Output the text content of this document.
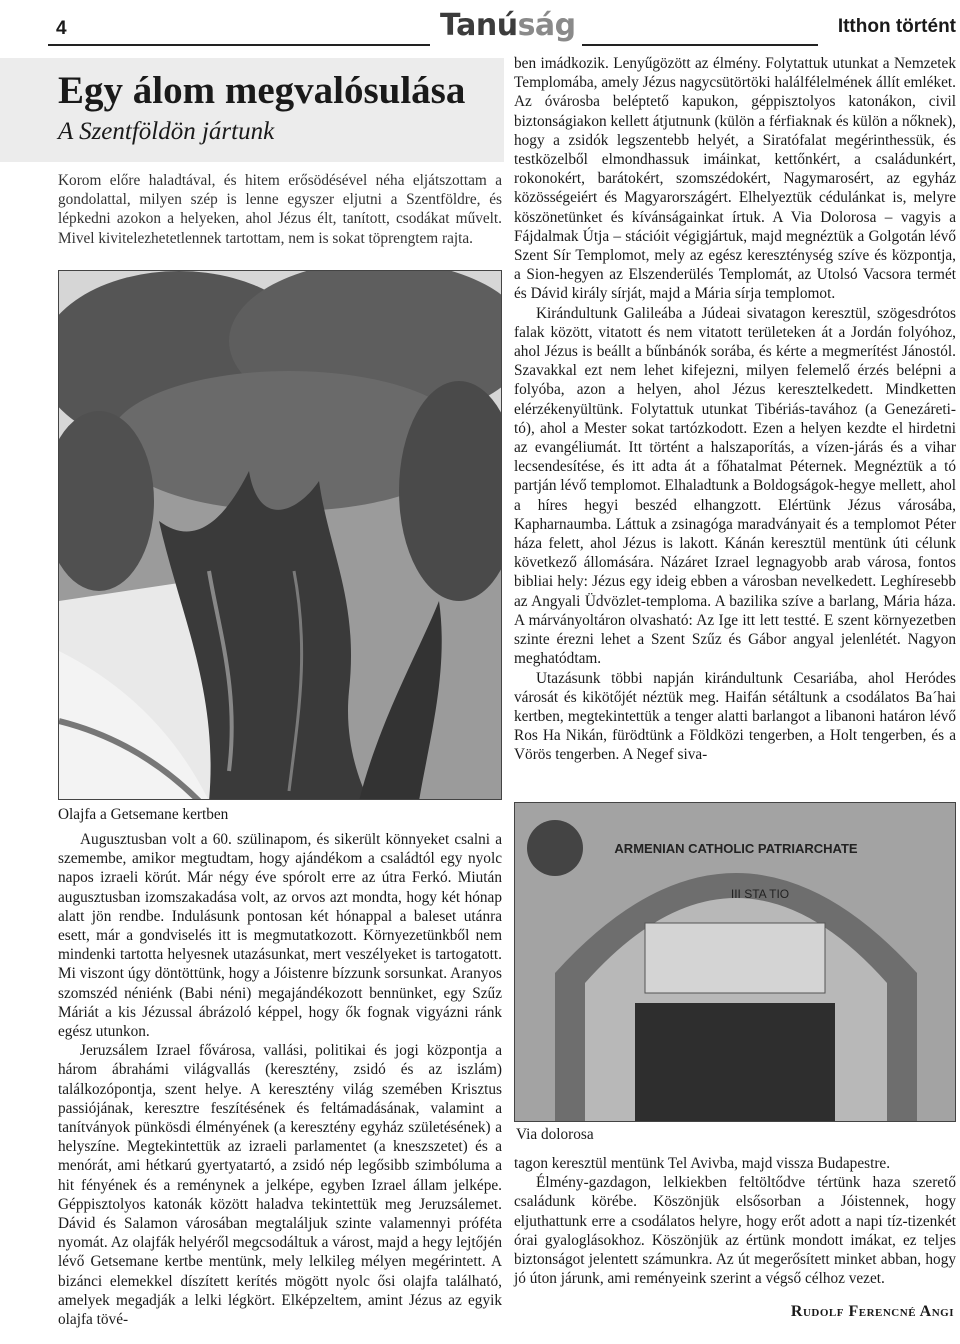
4	Tanúság	Itthon történt
Egy álom megvalósulása
A Szentföldön jártunk

Korom előre haladtával, és hitem erősödésével néha eljátszottam a gondolattal, milyen szép is lenne egyszer eljutni a Szentföldre, és lépkedni azokon a helyeken, ahol Jézus élt, tanított, csodákat művelt. Mivel kivitelezhetetlennek tartottam, nem is sokat töprengtem rajta.

Olajfa a Getsemane kertben

Augusztusban volt a 60. szülinapom, és sikerült könnyeket csalni a szemembe, amikor megtudtam, hogy ajándékom a családtól egy nyolc napos izraeli körút. Már négy éve spórolt erre az útra Ferkó. Miután augusztusban izomszakadása volt, az orvos azt mondta, hogy két hónap alatt jön rendbe. Indulásunk pontosan két hónappal a baleset utánra esett, már a gondviselés itt is megmutatkozott. Környezetünkből nem mindenki tartotta helyesnek utazásunkat, mert veszélyeket is tartogatott. Mi viszont úgy döntöttünk, hogy a Jóistenre bízzunk sorsunkat. Aranyos szomszéd néniénk (Babi néni) megajándékozott bennünket, egy Szűz Máriát a kis Jézussal ábrázoló képpel, hogy ők fognak vigyázni ránk egész utunkon.

Jeruzsálem Izrael fővárosa, vallási, politikai és jogi központja a három ábrahámi világvallás (keresztény, zsidó és az iszlám) találkozópontja, szent helye. A keresztény világ szemében Krisztus passiójának, keresztre feszítésének és feltámadásának, valamint a tanítványok pünkösdi élményének (a keresztény egyház születésének) a helyszíne. Megtekintettük az izraeli parlamentet (a kneszszetet) és a menórát, ami hétkarú gyertyatartó, a zsidó nép legősibb szimbóluma a hit fényének és a reménynek a jelképe, egyben Izrael állam jelképe. Géppisztolyos katonák között haladva tekintettük meg Jeruzsálemet. Dávid és Salamon városában megtaláljuk szinte valamennyi próféta nyomát. Az olajfák helyéről megcsodáltuk a várost, majd a hegy lejtőjén lévő Getsemane kertbe mentünk, mely lelkileg mélyen megérintett. A bizánci elemekkel díszített kerítés mögött nyolc ősi olajfa található, amelyek megadják a lelki légkört. Elképzeltem, amint Jézus az egyik olajfa tövé-

ben imádkozik. Lenyűgözött az élmény. Folytattuk utunkat a Nemzetek Templomába, amely Jézus nagycsütörtöki halálfélelmének állít emléket. Az óvárosba beléptető kapukon, géppisztolyos katonákon, civil biztonságiakon kellett átjutnunk (külön a férfiaknak és külön a nőknek), hogy a zsidók legszentebb helyét, a Siratófalat megérinthessük, és testközelből elmondhassuk imáinkat, kettőnkért, a családunkért, rokonokért, barátokért, szomszédokért, Nagymarosért, az egyház közösségeiért és Magyarországért. Elhelyeztük cédulánkat is, melyre köszönetünket és kívánságainkat írtuk. A Via Dolorosa – vagyis a Fájdalmak Útja – stációit végigjártuk, majd megnéztük a Golgotán lévő Szent Sír Templomot, mely az egész kereszténység szíve és központja, a Sion-hegyen az Elszenderülés Templomát, az Utolsó Vacsora termét és Dávid király sírját, majd a Mária sírja templomot.

Kirándultunk Galileába a Júdeai sivatagon keresztül, szögesdrótos falak között, vitatott és nem vitatott területeken át a Jordán folyóhoz, ahol Jézus is beállt a bűnbánók sorába, és kérte a megmerítést Jánostól. Szavakkal ezt nem lehet kifejezni, milyen felemelő érzés belépni a folyóba, azon a helyen, ahol Jézus keresztelkedett. Mindketten elérzékenyültünk. Folytattuk utunkat Tibériás-tavához (a Genezáreti-tó), ahol a Mester sokat tartózkodott. Ezen a helyen kezdte el hirdetni az evangéliumát. Itt történt a halszaporítás, a vízen-járás és a vihar lecsendesítése, és itt adta át a főhatalmat Péternek. Megnéztük a tó partján lévő templomot. Elhaladtunk a Boldogságok-hegye mellett, ahol a híres hegyi beszéd elhangzott. Elértünk Jézus városába, Kapharnaumba. Láttuk a zsinagóga maradványait és a templomot Péter háza felett, ahol Jézus is lakott. Kánán keresztül mentünk úti célunk következő állomására. Názáret Izrael legnagyobb arab városa, fontos bibliai hely: Jézus egy ideig ebben a városban nevelkedett. Leghíresebb az Angyali Üdvözlet-temploma. A bazilika szíve a barlang, Mária háza. A márványoltáron olvasható: Az Ige itt lett testté. E szent környezetben szinte érezni lehet a Szent Szűz és Gábor angyal jelenlétét. Nagyon meghatódtam.

Utazásunk többi napján kirándultunk Cesariába, ahol Heródes városát és kikötőjét néztük meg. Haifán sétáltunk a csodálatos Ba´hai kertben, megtekintettük a tenger alatti barlangot a libanoni határon lévő Ros Ha Nikán, fürödtünk a Földközi tengerben, a Holt tengerben, és a Vörös tengerben. A Negef siva-

ARMENIAN CATHOLIC PATRIARCHATE
III STA TIO
Via dolorosa

tagon keresztül mentünk Tel Avivba, majd vissza Budapestre.

Élmény-gazdagon, lelkiekben feltöltődve tértünk haza szerető családunk körébe. Köszönjük elsősorban a Jóistennek, hogy eljuthattunk erre a csodálatos helyre, hogy erőt adott a napi tíz-tizenkét órai gyaloglásokhoz. Köszönjük az értünk mondott imákat, ez teljes biztonságot jelentett számunkra. Az út megerősített minket abban, hogy jó úton járunk, ami reményeink szerint a végső célhoz vezet.

Rudolf Ferencné Angi
